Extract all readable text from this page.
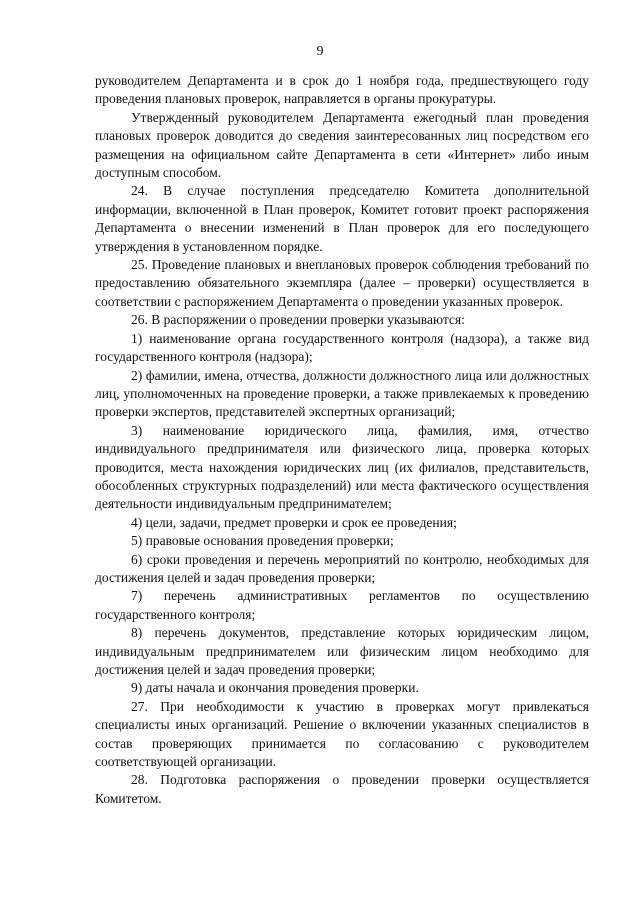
9

руководителем Департамента и в срок до 1 ноября года, предшествующего году проведения плановых проверок, направляется в органы прокуратуры.

Утвержденный руководителем Департамента ежегодный план проведения плановых проверок доводится до сведения заинтересованных лиц посредством его размещения на официальном сайте Департамента в сети «Интернет» либо иным доступным способом.

24. В случае поступления председателю Комитета дополнительной информации, включенной в План проверок, Комитет готовит проект распоряжения Департамента о внесении изменений в План проверок для его последующего утверждения в установленном порядке.

25. Проведение плановых и внеплановых проверок соблюдения требований по предоставлению обязательного экземпляра (далее – проверки) осуществляется в соответствии с распоряжением Департамента о проведении указанных проверок.

26. В распоряжении о проведении проверки указываются:

1) наименование органа государственного контроля (надзора), а также вид государственного контроля (надзора);

2) фамилии, имена, отчества, должности должностного лица или должностных лиц, уполномоченных на проведение проверки, а также привлекаемых к проведению проверки экспертов, представителей экспертных организаций;

3) наименование юридического лица, фамилия, имя, отчество индивидуального предпринимателя или физического лица, проверка которых проводится, места нахождения юридических лиц (их филиалов, представительств, обособленных структурных подразделений) или места фактического осуществления деятельности индивидуальным предпринимателем;

4) цели, задачи, предмет проверки и срок ее проведения;

5) правовые основания проведения проверки;

6) сроки проведения и перечень мероприятий по контролю, необходимых для достижения целей и задач проведения проверки;

7) перечень административных регламентов по осуществлению государственного контроля;

8) перечень документов, представление которых юридическим лицом, индивидуальным предпринимателем или физическим лицом необходимо для достижения целей и задач проведения проверки;

9) даты начала и окончания проведения проверки.

27. При необходимости к участию в проверках могут привлекаться специалисты иных организаций. Решение о включении указанных специалистов в состав проверяющих принимается по согласованию с руководителем соответствующей организации.

28. Подготовка распоряжения о проведении проверки осуществляется Комитетом.
